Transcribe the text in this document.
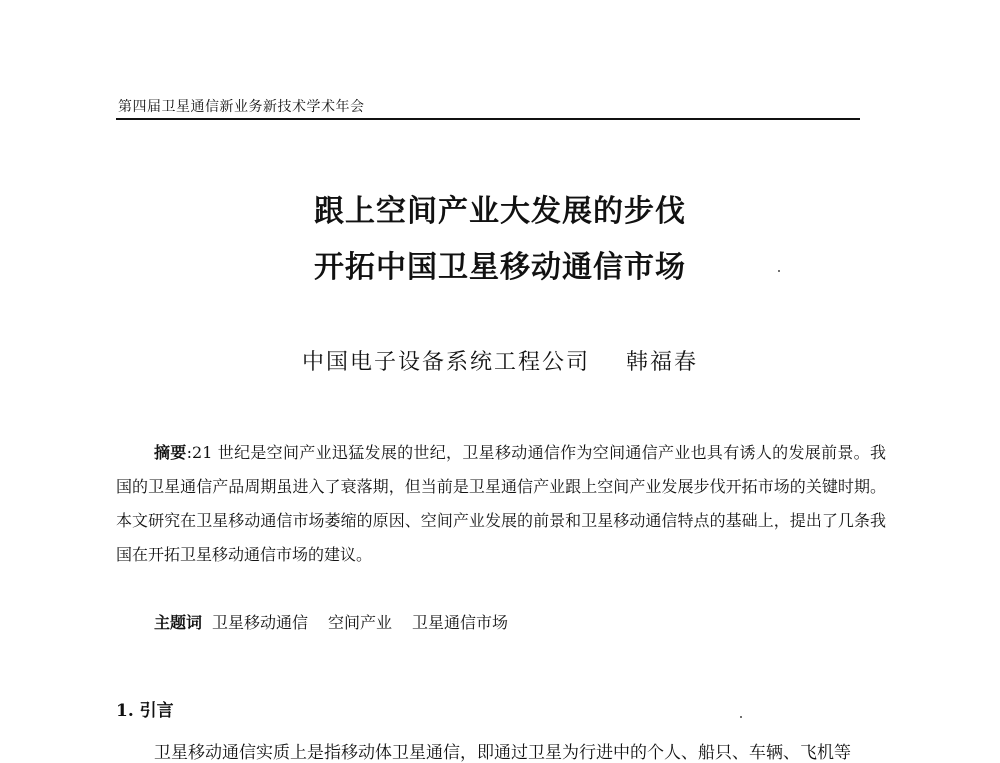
第四届卫星通信新业务新技术学术年会
跟上空间产业大发展的步伐
开拓中国卫星移动通信市场
中国电子设备系统工程公司 韩福春
摘要:21 世纪是空间产业迅猛发展的世纪，卫星移动通信作为空间通信产业也具有诱人的发展前景。我国的卫星通信产品周期虽进入了衰落期，但当前是卫星通信产业跟上空间产业发展步伐开拓市场的关键时期。本文研究在卫星移动通信市场萎缩的原因、空间产业发展的前景和卫星移动通信特点的基础上，提出了几条我国在开拓卫星移动通信市场的建议。
主题词 卫星移动通信 空间产业 卫星通信市场
1. 引言
卫星移动通信实质上是指移动体卫星通信，即通过卫星为行进中的个人、船只、车辆、飞机等
